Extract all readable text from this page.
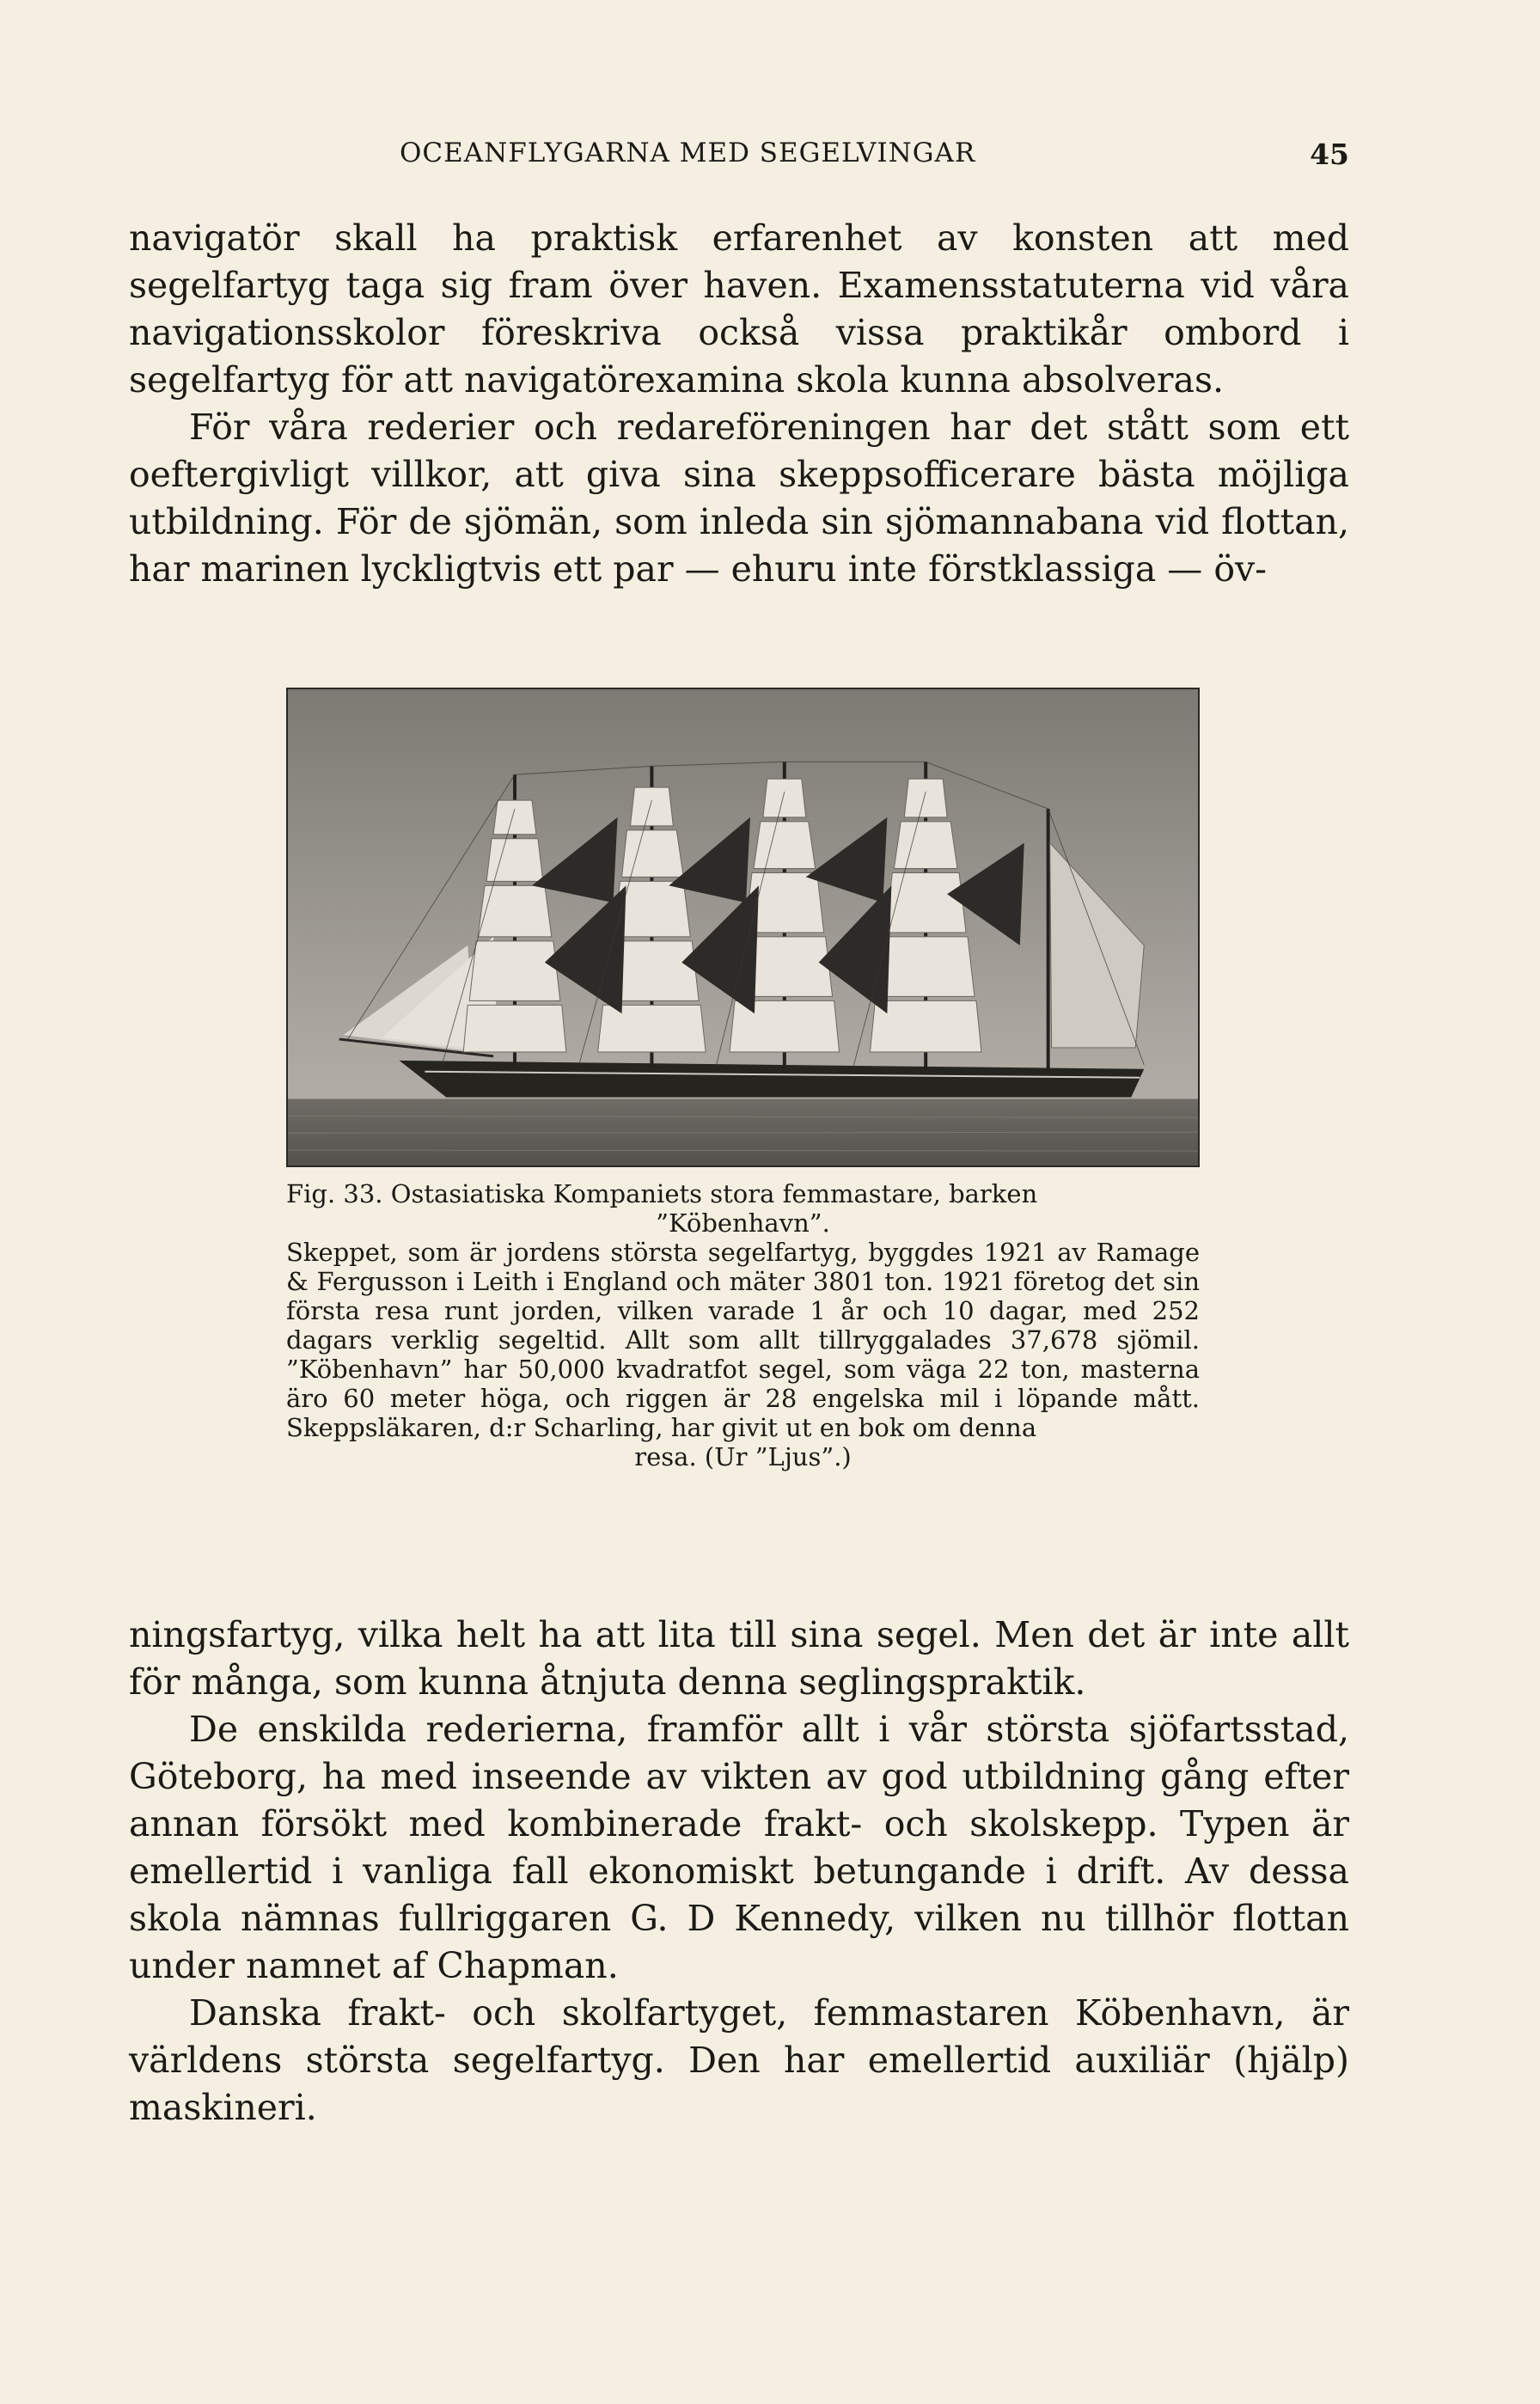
OCEANFLYGARNA MED SEGELVINGAR	45

navigatör skall ha praktisk erfarenhet av konsten att med segelfartyg taga sig fram över haven. Examensstatuterna vid våra navigationsskolor föreskriva också vissa praktikår ombord i segelfartyg för att navigatörexamina skola kunna absolveras.

För våra rederier och redareföreningen har det stått som ett oeftergivligt villkor, att giva sina skeppsofficerare bästa möjliga utbildning. För de sjömän, som inleda sin sjömannabana vid flottan, har marinen lyckligtvis ett par — ehuru inte förstklassiga — öv-

Fig. 33. Ostasiatiska Kompaniets stora femmastare, barken

”Köbenhavn”.

Skeppet, som är jordens största segelfartyg, byggdes 1921 av Ramage & Fergusson i Leith i England och mäter 3801 ton. 1921 företog det sin första resa runt jorden, vilken varade 1 år och 10 dagar, med 252 dagars verklig segeltid. Allt som allt tillryggalades 37,678 sjömil. ”Köbenhavn” har 50,000 kvadratfot segel, som väga 22 ton, masterna äro 60 meter höga, och riggen är 28 engelska mil i löpande mått. Skeppsläkaren, d:r Scharling, har givit ut en bok om denna

resa. (Ur ”Ljus”.)

ningsfartyg, vilka helt ha att lita till sina segel. Men det är inte allt för många, som kunna åtnjuta denna seglingspraktik.

De enskilda rederierna, framför allt i vår största sjöfartsstad, Göteborg, ha med inseende av vikten av god utbildning gång efter annan försökt med kombinerade frakt- och skolskepp. Typen är emellertid i vanliga fall ekonomiskt betungande i drift. Av dessa skola nämnas fullriggaren G. D Kennedy, vilken nu tillhör flottan under namnet af Chapman.

Danska frakt- och skolfartyget, femmastaren Köbenhavn, är världens största segelfartyg. Den har emellertid auxiliär (hjälp) maskineri.
